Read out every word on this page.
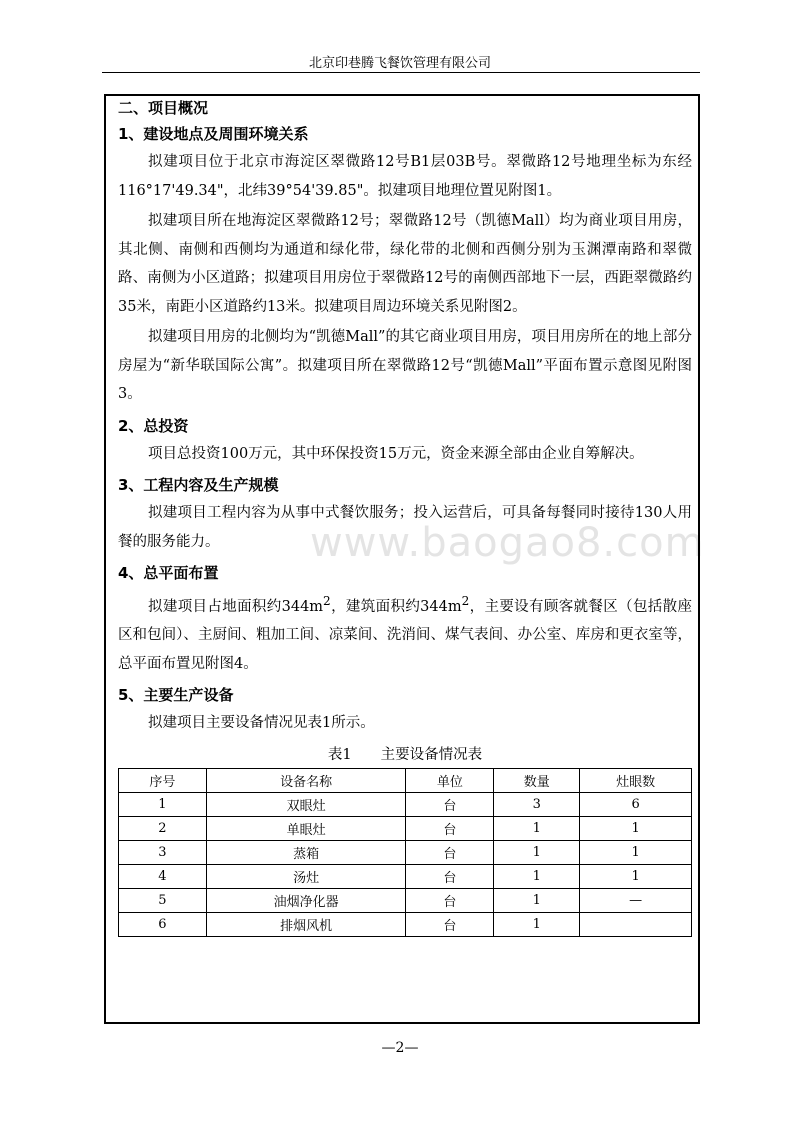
北京印巷腾飞餐饮管理有限公司
www.baogao8.com

二、项目概况

1、建设地点及周围环境关系

拟建项目位于北京市海淀区翠微路12号B1层03B号。翠微路12号地理坐标为东经116°17'49.34"，北纬39°54'39.85"。拟建项目地理位置见附图1。

拟建项目所在地海淀区翠微路12号；翠微路12号（凯德Mall）均为商业项目用房，其北侧、南侧和西侧均为通道和绿化带，绿化带的北侧和西侧分别为玉渊潭南路和翠微路、南侧为小区道路；拟建项目用房位于翠微路12号的南侧西部地下一层，西距翠微路约35米，南距小区道路约13米。拟建项目周边环境关系见附图2。

拟建项目用房的北侧均为“凯德Mall”的其它商业项目用房，项目用房所在的地上部分房屋为“新华联国际公寓”。拟建项目所在翠微路12号“凯德Mall”平面布置示意图见附图3。

2、总投资

项目总投资100万元，其中环保投资15万元，资金来源全部由企业自筹解决。

3、工程内容及生产规模

拟建项目工程内容为从事中式餐饮服务；投入运营后，可具备每餐同时接待130人用餐的服务能力。

4、总平面布置

拟建项目占地面积约$344m^2$，建筑面积约$344m^2$，主要设有顾客就餐区（包括散座区和包间）、主厨间、粗加工间、凉菜间、洗消间、煤气表间、办公室、库房和更衣室等，总平面布置见附图4。

5、主要生产设备

拟建项目主要设备情况见表1所示。

表1　　主要设备情况表
序号	设备名称	单位	数量	灶眼数
1	双眼灶	台	3	6
2	单眼灶	台	1	1
3	蒸箱	台	1	1
4	汤灶	台	1	1
5	油烟净化器	台	1	—
6	排烟风机	台	1	
—2—
